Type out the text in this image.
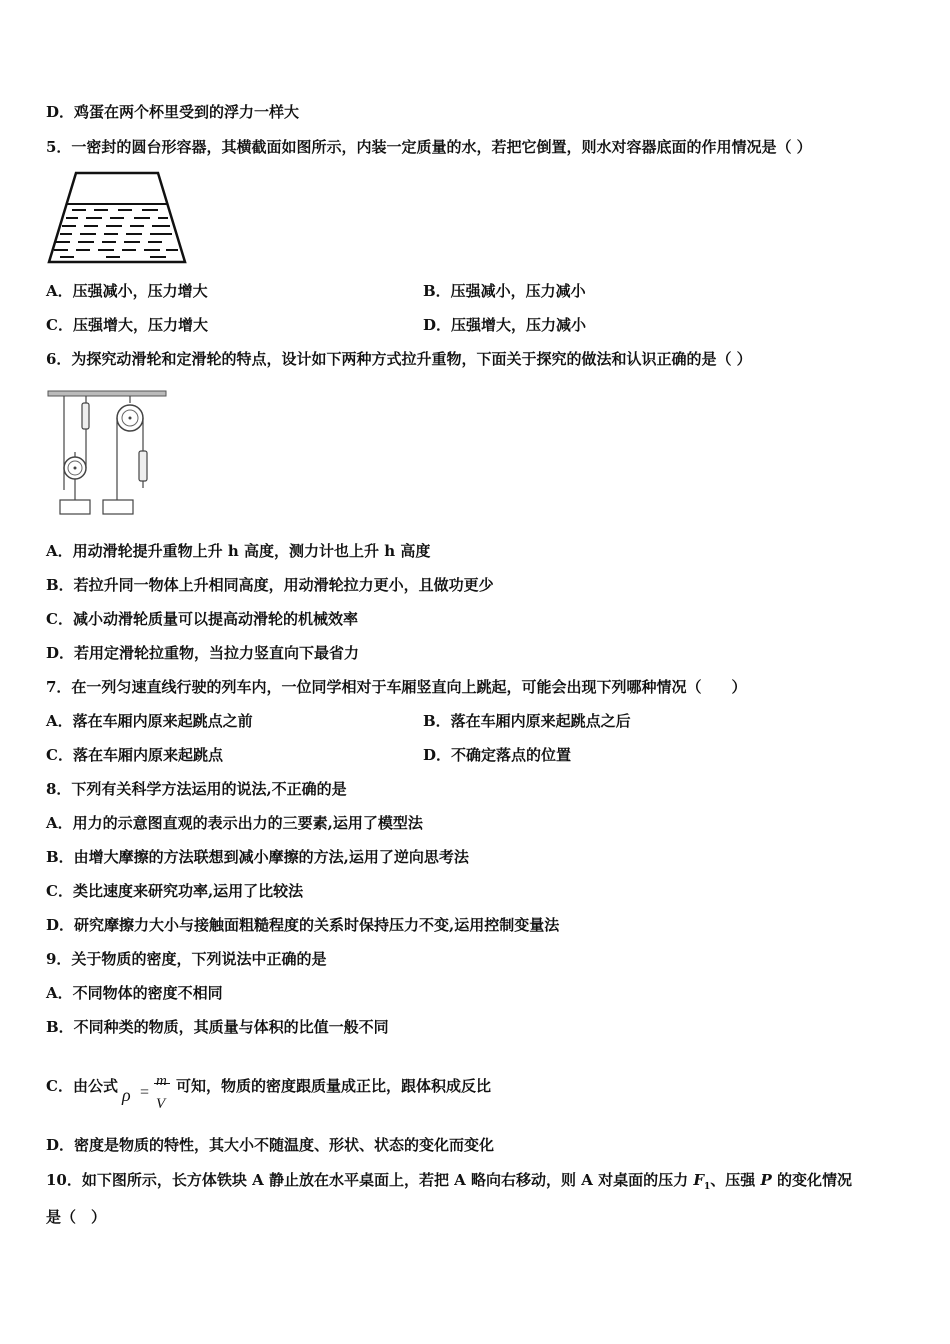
D．鸡蛋在两个杯里受到的浮力一样大
5．一密封的圆台形容器，其横截面如图所示，内装一定质量的水，若把它倒置，则水对容器底面的作用情况是（ ）
A．压强减小，压力增大	B．压强减小，压力减小
C．压强增大，压力增大	D．压强增大，压力减小
6．为探究动滑轮和定滑轮的特点，设计如下两种方式拉升重物，下面关于探究的做法和认识正确的是（ ）
A．用动滑轮提升重物上升 h 高度，测力计也上升 h 高度
B．若拉升同一物体上升相同高度，用动滑轮拉力更小，且做功更少
C．减小动滑轮质量可以提高动滑轮的机械效率
D．若用定滑轮拉重物，当拉力竖直向下最省力
7．在一列匀速直线行驶的列车内，一位同学相对于车厢竖直向上跳起，可能会出现下列哪种情况（　　）
A．落在车厢内原来起跳点之前	B．落在车厢内原来起跳点之后
C．落在车厢内原来起跳点	D．不确定落点的位置
8．下列有关科学方法运用的说法,不正确的是
A．用力的示意图直观的表示出力的三要素,运用了模型法
B．由增大摩擦的方法联想到减小摩擦的方法,运用了逆向思考法
C．类比速度来研究功率,运用了比较法
D．研究摩擦力大小与接触面粗糙程度的关系时保持压力不变,运用控制变量法
9．关于物质的密度，下列说法中正确的是
A．不同物体的密度不相同
B．不同种类的物质，其质量与体积的比值一般不同
C．由公式 ρ =
m
V
可知，物质的密度跟质量成正比，跟体积成反比
D．密度是物质的特性，其大小不随温度、形状、状态的变化而变化
10．如下图所示，长方体铁块 A 静止放在水平桌面上，若把 A 略向右移动，则 A 对桌面的压力 $F_1$、压强 P 的变化情况
是（　）
